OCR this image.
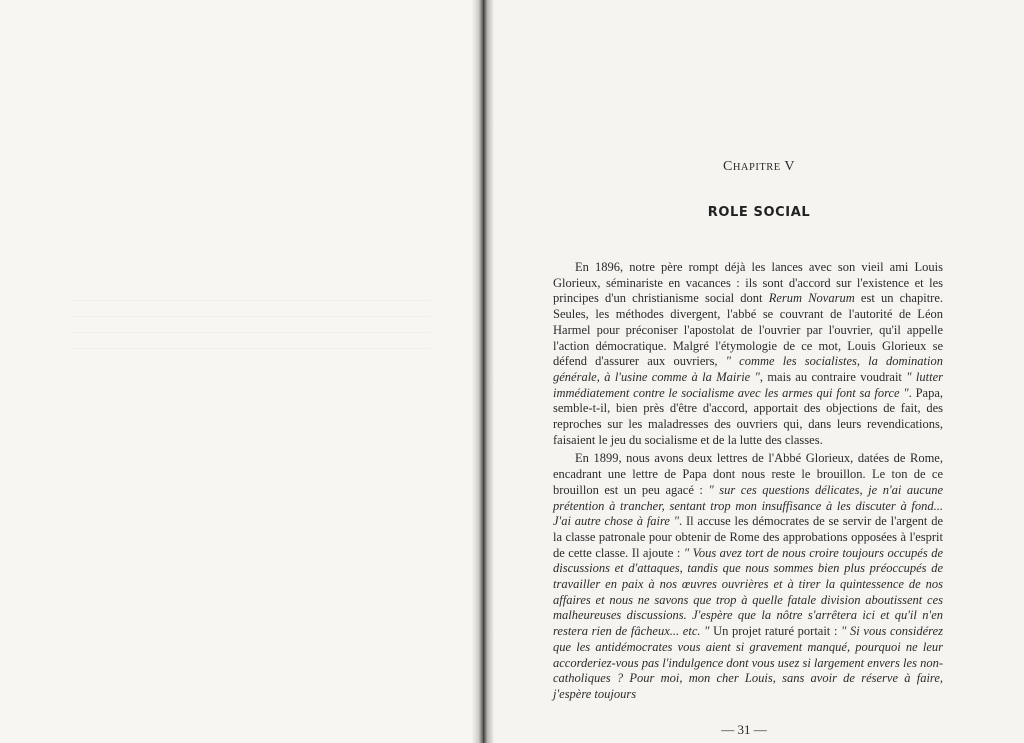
CHAPITRE V
ROLE SOCIAL

En 1896, notre père rompt déjà les lances avec son vieil ami Louis Glorieux, séminariste en vacances : ils sont d'accord sur l'existence et les principes d'un christianisme social dont Rerum Novarum est un chapitre. Seules, les méthodes divergent, l'abbé se couvrant de l'autorité de Léon Harmel pour préconiser l'apostolat de l'ouvrier par l'ouvrier, qu'il appelle l'action démocratique. Malgré l'étymologie de ce mot, Louis Glorieux se défend d'assurer aux ouvriers, " comme les socialistes, la domination générale, à l'usine comme à la Mairie ", mais au contraire voudrait " lutter immédiatement contre le socialisme avec les armes qui font sa force ". Papa, semble-t-il, bien près d'être d'accord, apportait des objections de fait, des reproches sur les maladresses des ouvriers qui, dans leurs revendications, faisaient le jeu du socialisme et de la lutte des classes.

En 1899, nous avons deux lettres de l'Abbé Glorieux, datées de Rome, encadrant une lettre de Papa dont nous reste le brouillon. Le ton de ce brouillon est un peu agacé : " sur ces questions délicates, je n'ai aucune prétention à trancher, sentant trop mon insuffisance à les discuter à fond... J'ai autre chose à faire ". Il accuse les démocrates de se servir de l'argent de la classe patronale pour obtenir de Rome des approbations opposées à l'esprit de cette classe. Il ajoute : " Vous avez tort de nous croire toujours occupés de discussions et d'attaques, tandis que nous sommes bien plus préoccupés de travailler en paix à nos œuvres ouvrières et à tirer la quintessence de nos affaires et nous ne savons que trop à quelle fatale division aboutissent ces malheureuses discussions. J'espère que la nôtre s'arrêtera ici et qu'il n'en restera rien de fâcheux... etc. " Un projet raturé portait : " Si vous considérez que les antidémocrates vous aient si gravement manqué, pourquoi ne leur accorderiez-vous pas l'indulgence dont vous usez si largement envers les non-catholiques ? Pour moi, mon cher Louis, sans avoir de réserve à faire, j'espère toujours

— 31 —
